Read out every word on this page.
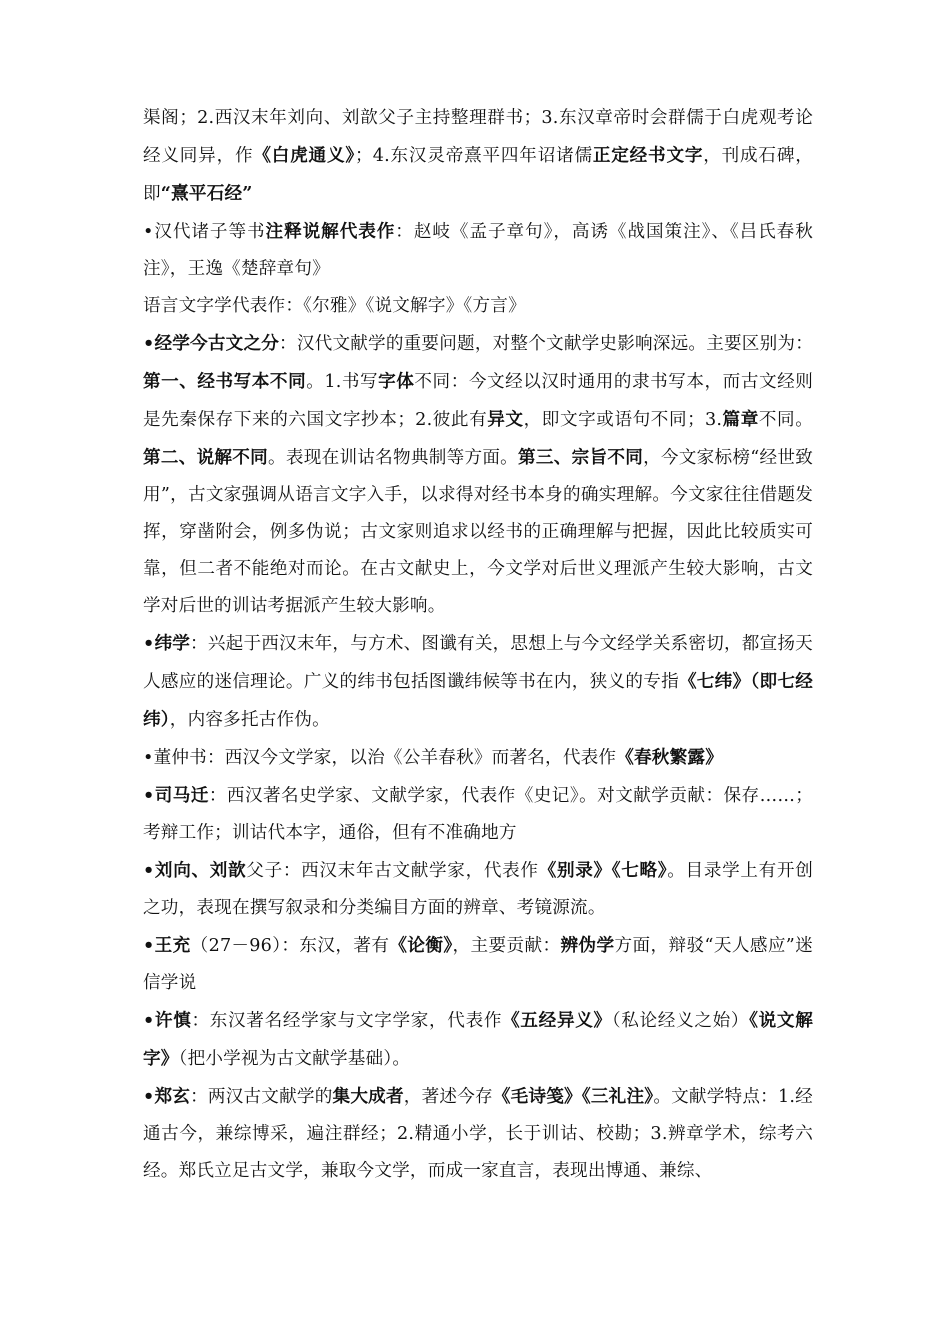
渠阁；2.西汉末年刘向、刘歆父子主持整理群书；3.东汉章帝时会群儒于白虎观考论经义同异，作《白虎通义》；4.东汉灵帝熹平四年诏诸儒正定经书文字，刊成石碑，即“熹平石经”

•汉代诸子等书注释说解代表作：赵岐《孟子章句》，高诱《战国策注》、《吕氏春秋注》，王逸《楚辞章句》

语言文字学代表作：《尔雅》《说文解字》《方言》

•经学今古文之分：汉代文献学的重要问题，对整个文献学史影响深远。主要区别为：第一、经书写本不同。1.书写字体不同：今文经以汉时通用的隶书写本，而古文经则是先秦保存下来的六国文字抄本；2.彼此有异文，即文字或语句不同；3.篇章不同。第二、说解不同。表现在训诂名物典制等方面。第三、宗旨不同，今文家标榜“经世致用”，古文家强调从语言文字入手，以求得对经书本身的确实理解。今文家往往借题发挥，穿凿附会，例多伪说；古文家则追求以经书的正确理解与把握，因此比较质实可靠，但二者不能绝对而论。在古文献史上，今文学对后世义理派产生较大影响，古文学对后世的训诂考据派产生较大影响。

•纬学：兴起于西汉末年，与方术、图谶有关，思想上与今文经学关系密切，都宣扬天人感应的迷信理论。广义的纬书包括图谶纬候等书在内，狭义的专指《七纬》（即七经纬），内容多托古作伪。

•董仲书：西汉今文学家，以治《公羊春秋》而著名，代表作《春秋繁露》

•司马迁：西汉著名史学家、文献学家，代表作《史记》。对文献学贡献：保存……；考辩工作；训诂代本字，通俗，但有不准确地方

•刘向、刘歆父子：西汉末年古文献学家，代表作《别录》《七略》。目录学上有开创之功，表现在撰写叙录和分类编目方面的辨章、考镜源流。

•王充（27－96）：东汉，著有《论衡》，主要贡献：辨伪学方面，辩驳“天人感应”迷信学说

•许慎：东汉著名经学家与文字学家，代表作《五经异义》（私论经义之始）《说文解字》（把小学视为古文献学基础）。

•郑玄：两汉古文献学的集大成者，著述今存《毛诗笺》《三礼注》。文献学特点：1.经通古今，兼综博采，遍注群经；2.精通小学，长于训诂、校勘；3.辨章学术，综考六经。郑氏立足古文学，兼取今文学，而成一家直言，表现出博通、兼综、
